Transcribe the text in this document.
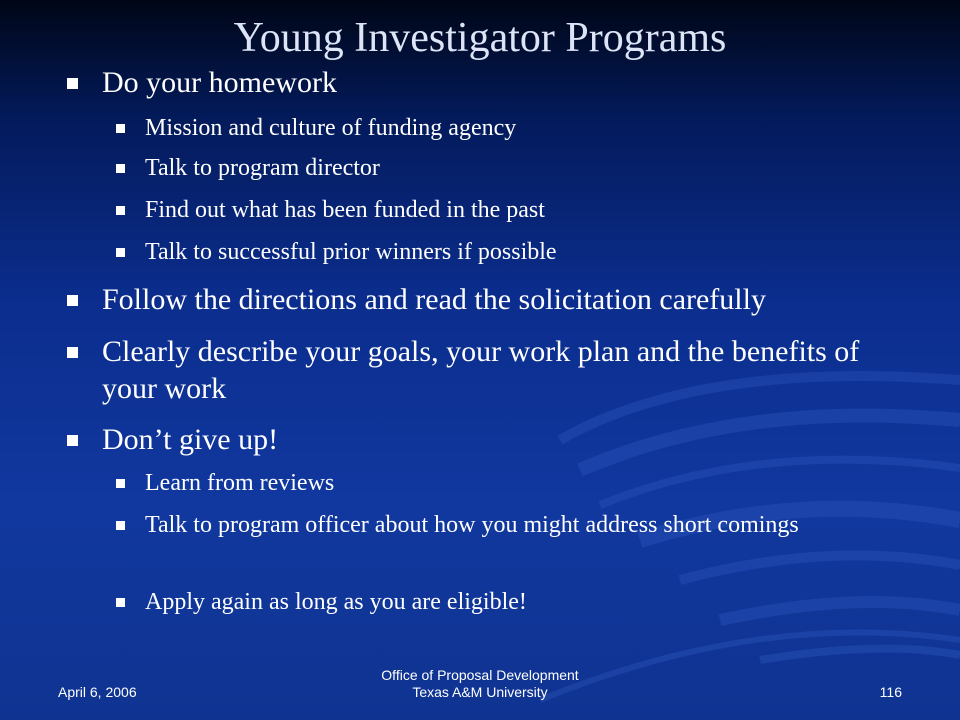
Young Investigator Programs
Do your homework
Mission and culture of funding agency
Talk to program director
Find out what has been funded in the past
Talk to successful prior winners if possible
Follow the directions and read the solicitation carefully
Clearly describe your goals, your work plan and the benefits of your work
Don’t give up!
Learn from reviews
Talk to program officer about how you might address short comings
Apply again as long as you are eligible!
April 6, 2006
Office of Proposal Development
Texas A&M University	116
